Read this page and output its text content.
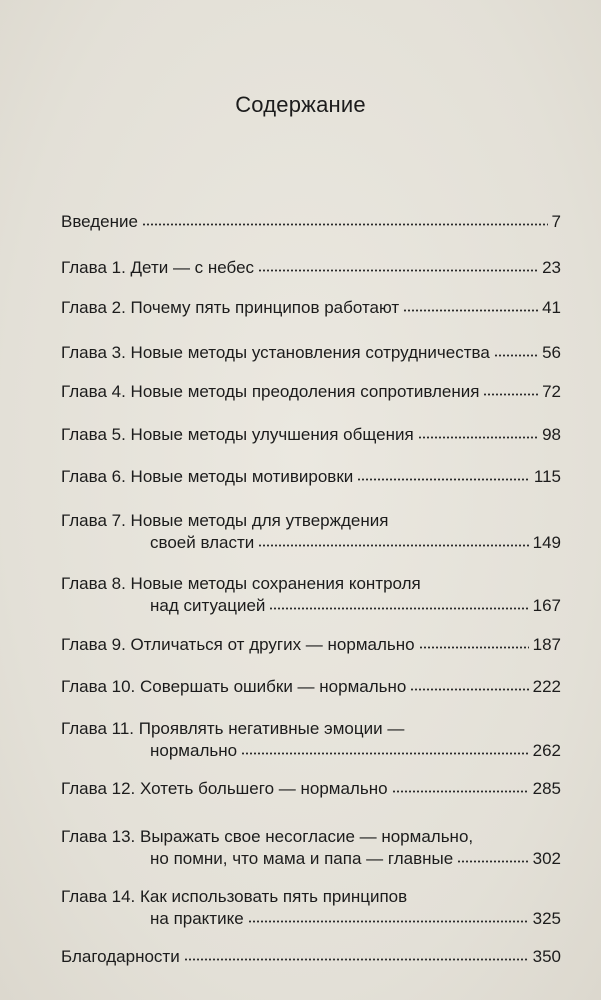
Содержание
Введение	7
Глава 1. Дети — с небес	23
Глава 2. Почему пять принципов работают	41
Глава 3. Новые методы установления сотрудничества	56
Глава 4. Новые методы преодоления сопротивления	72
Глава 5. Новые методы улучшения общения	98
Глава 6. Новые методы мотивировки	115
Глава 7. Новые методы для утверждения
своей власти	149
Глава 8. Новые методы сохранения контроля
над ситуацией	167
Глава 9. Отличаться от других — нормально	187
Глава 10. Совершать ошибки — нормально	222
Глава 11. Проявлять негативные эмоции —
нормально	262
Глава 12. Хотеть большего — нормально	285
Глава 13. Выражать свое несогласие — нормально,
но помни, что мама и папа — главные	302
Глава 14. Как использовать пять принципов
на практике	325
Благодарности	350
